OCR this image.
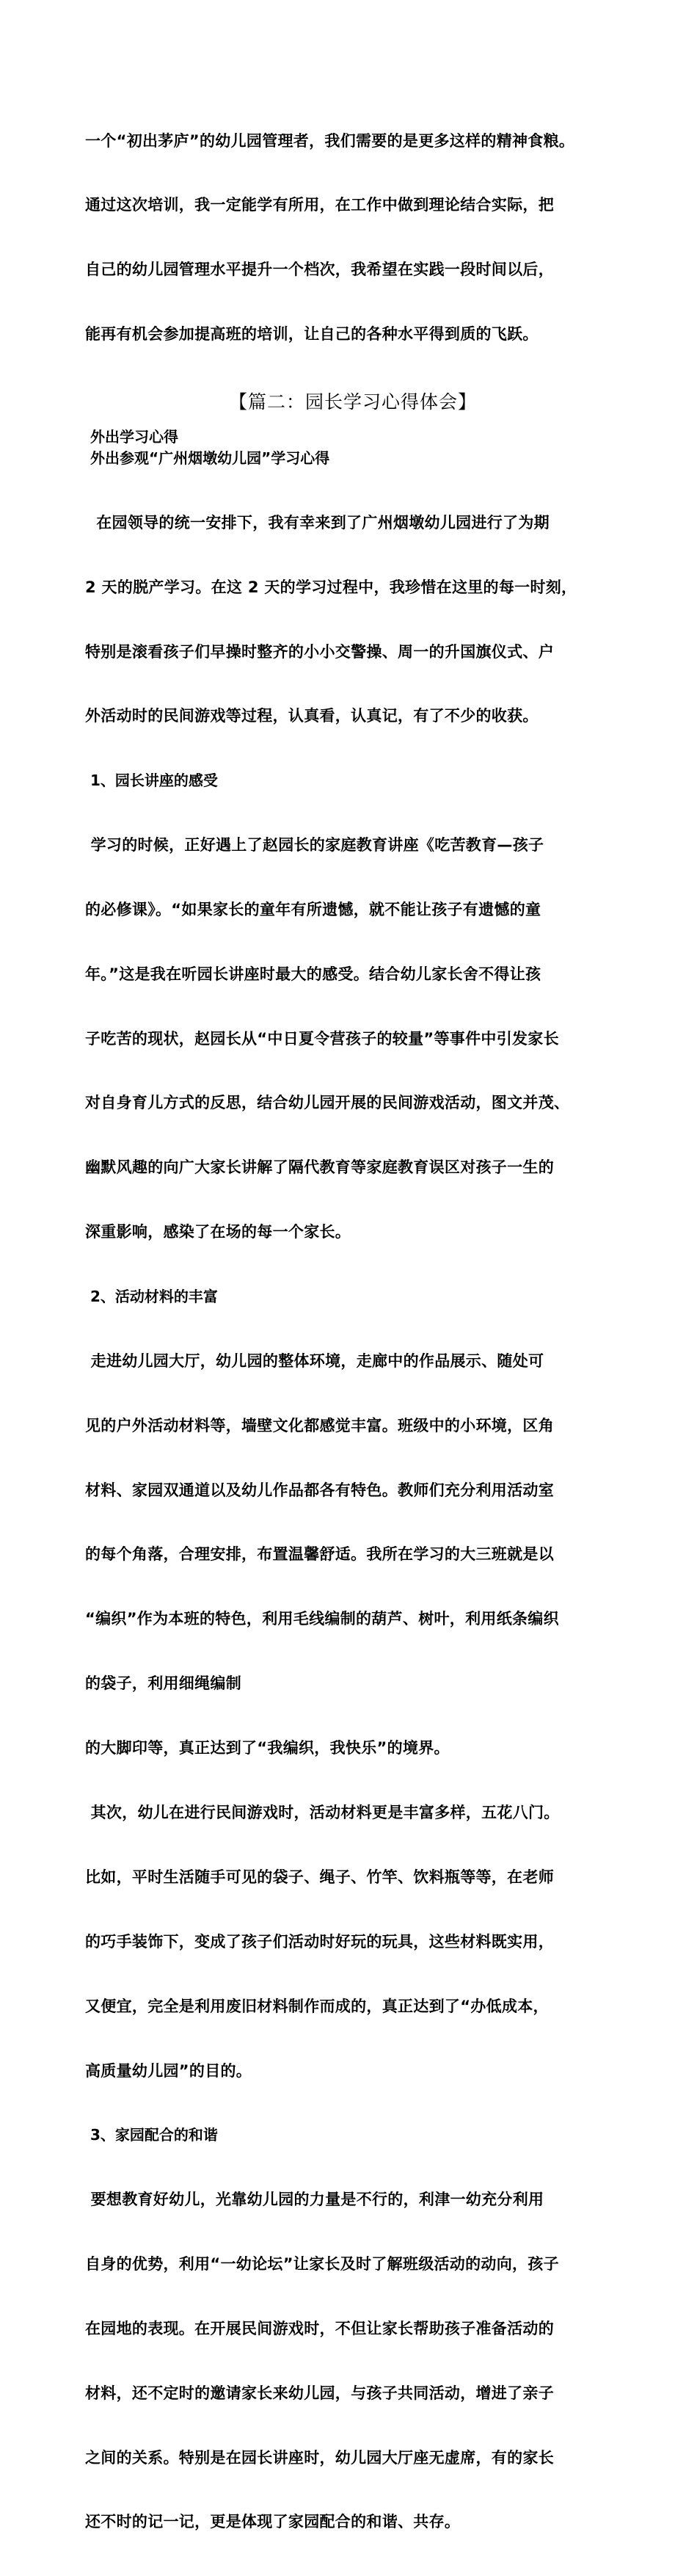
一个“初出茅庐”的幼儿园管理者，我们需要的是更多这样的精神食粮。

通过这次培训，我一定能学有所用，在工作中做到理论结合实际，把

自己的幼儿园管理水平提升一个档次，我希望在实践一段时间以后，

能再有机会参加提高班的培训，让自己的各种水平得到质的飞跃。

【篇二：园长学习心得体会】
外出学习心得
外出参观“广州烟墩幼儿园”学习心得

在园领导的统一安排下，我有幸来到了广州烟墩幼儿园进行了为期

2 天的脱产学习。在这 2 天的学习过程中，我珍惜在这里的每一时刻，

特别是滚看孩子们早操时整齐的小小交警操、周一的升国旗仪式、户

外活动时的民间游戏等过程，认真看，认真记，有了不少的收获。

1、园长讲座的感受

学习的时候，正好遇上了赵园长的家庭教育讲座《吃苦教育—孩子

的必修课》。“如果家长的童年有所遗憾，就不能让孩子有遗憾的童

年。”这是我在听园长讲座时最大的感受。结合幼儿家长舍不得让孩

子吃苦的现状，赵园长从“中日夏令营孩子的较量”等事件中引发家长

对自身育儿方式的反思，结合幼儿园开展的民间游戏活动，图文并茂、

幽默风趣的向广大家长讲解了隔代教育等家庭教育误区对孩子一生的

深重影响，感染了在场的每一个家长。

2、活动材料的丰富

走进幼儿园大厅，幼儿园的整体环境，走廊中的作品展示、随处可

见的户外活动材料等，墙壁文化都感觉丰富。班级中的小环境，区角

材料、家园双通道以及幼儿作品都各有特色。教师们充分利用活动室

的每个角落，合理安排，布置温馨舒适。我所在学习的大三班就是以

“编织”作为本班的特色，利用毛线编制的葫芦、树叶，利用纸条编织

的袋子，利用细绳编制

的大脚印等，真正达到了“我编织，我快乐”的境界。

其次，幼儿在进行民间游戏时，活动材料更是丰富多样，五花八门。

比如，平时生活随手可见的袋子、绳子、竹竿、饮料瓶等等，在老师

的巧手装饰下，变成了孩子们活动时好玩的玩具，这些材料既实用，

又便宜，完全是利用废旧材料制作而成的，真正达到了“办低成本，

高质量幼儿园”的目的。

3、家园配合的和谐

要想教育好幼儿，光靠幼儿园的力量是不行的，利津一幼充分利用

自身的优势，利用“一幼论坛”让家长及时了解班级活动的动向，孩子

在园地的表现。在开展民间游戏时，不但让家长帮助孩子准备活动的

材料，还不定时的邀请家长来幼儿园，与孩子共同活动，增进了亲子

之间的关系。特别是在园长讲座时，幼儿园大厅座无虚席，有的家长

还不时的记一记，更是体现了家园配合的和谐、共存。
